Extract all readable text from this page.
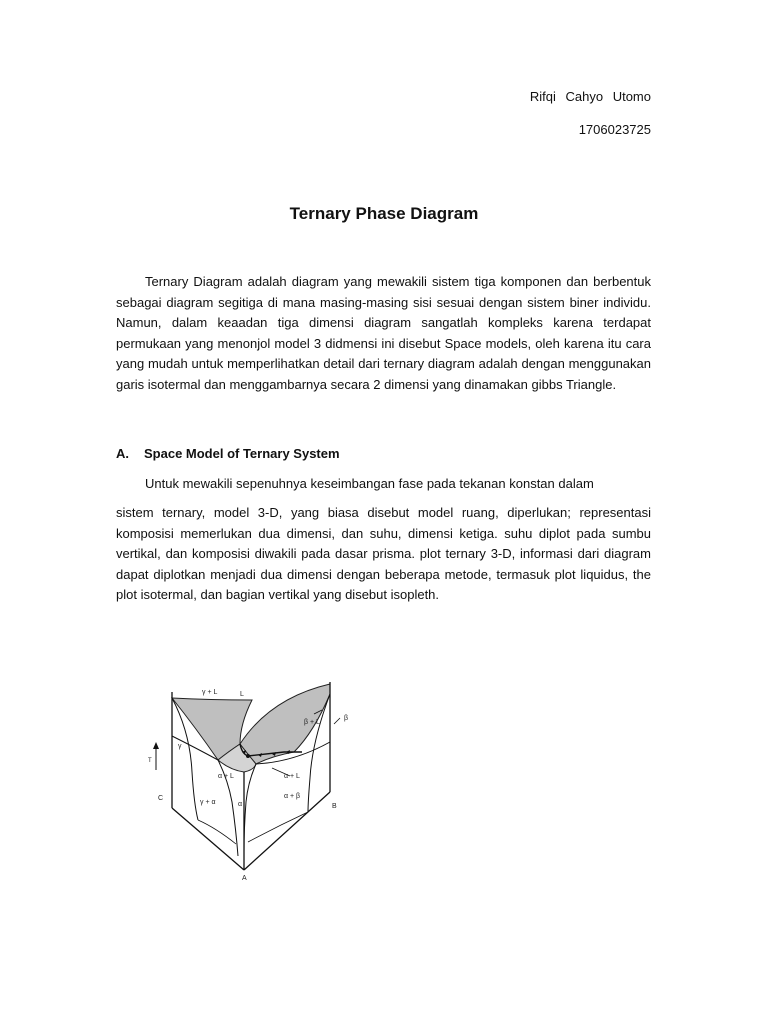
Rifqi Cahyo Utomo
1706023725
Ternary Phase Diagram

Ternary Diagram adalah diagram yang mewakili sistem tiga komponen dan berbentuk sebagai diagram segitiga di mana masing-masing sisi sesuai dengan sistem biner individu. Namun, dalam keaadan tiga dimensi diagram sangatlah kompleks karena terdapat permukaan yang menonjol model 3 didmensi ini disebut Space models, oleh karena itu cara yang mudah untuk memperlihatkan detail dari ternary diagram adalah dengan menggunakan garis isotermal dan menggambarnya secara 2 dimensi yang dinamakan gibbs Triangle.

A. Space Model of Ternary System

Untuk mewakili sepenuhnya keseimbangan fase pada tekanan konstan dalam

sistem ternary, model 3-D, yang biasa disebut model ruang, diperlukan; representasi komposisi memerlukan dua dimensi, dan suhu, dimensi ketiga. suhu diplot pada sumbu vertikal, dan komposisi diwakili pada dasar prisma. plot ternary 3-D, informasi dari diagram dapat diplotkan menjadi dua dimensi dengan beberapa metode, termasuk plot liquidus, the plot isotermal, dan bagian vertikal yang disebut isopleth.

γ + L	L
β + L
β
γ
T
α + L	α + L
C
γ + α	α
α + β
B
A
